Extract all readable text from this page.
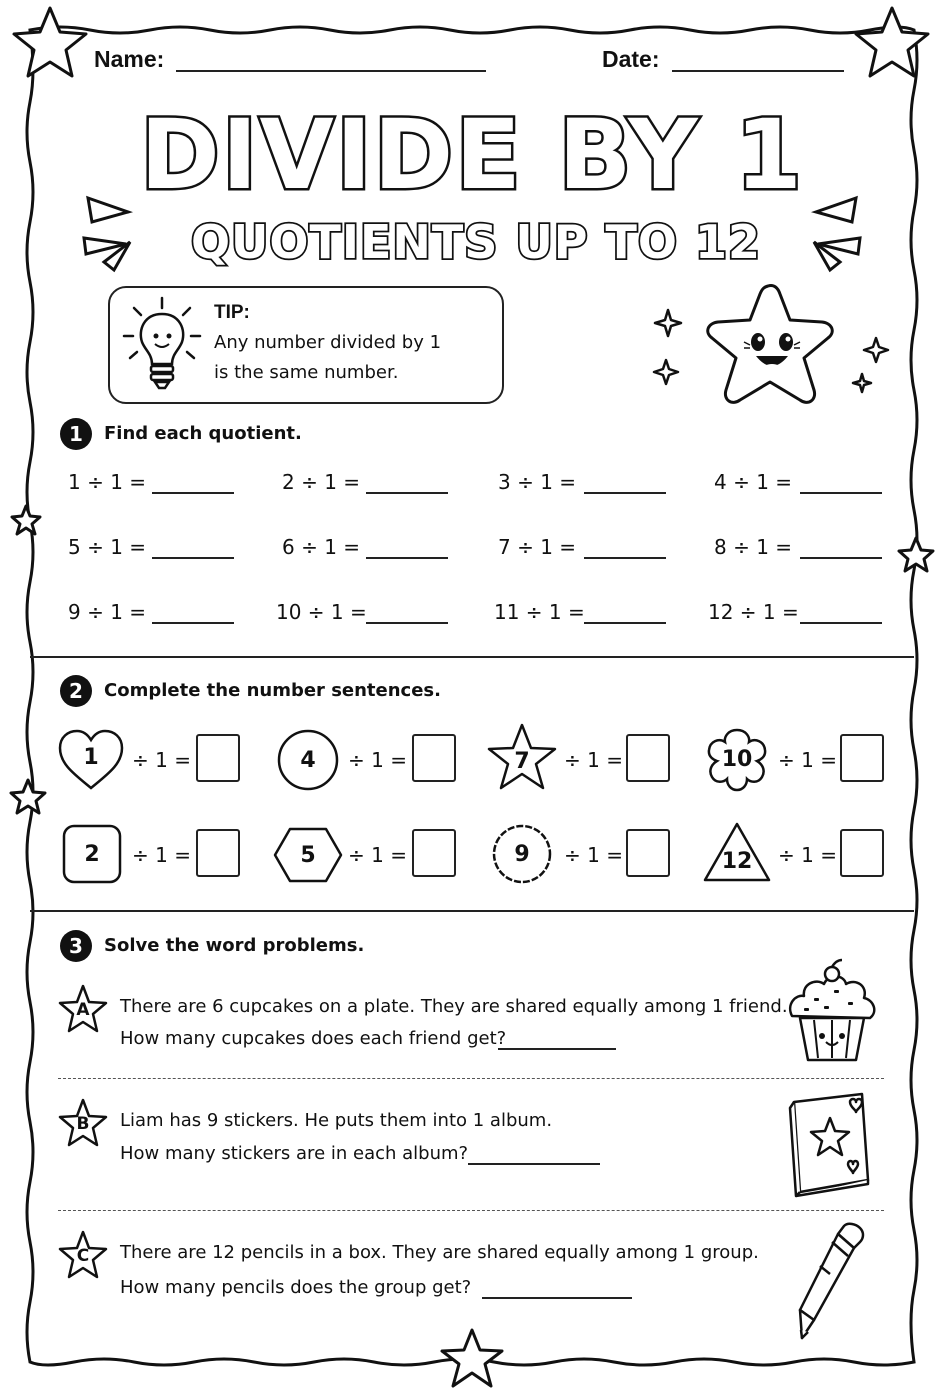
Name:	Date:
DIVIDE BY 1
QUOTIENTS UP TO 12
TIP:
Any number divided by 1
is the same number.
1	Find each quotient.
1 ÷ 1 =	2 ÷ 1 =	3 ÷ 1 =	4 ÷ 1 =
5 ÷ 1 =	6 ÷ 1 =	7 ÷ 1 =	8 ÷ 1 =
9 ÷ 1 =	10 ÷ 1 =	11 ÷ 1 =	12 ÷ 1 =
2	Complete the number sentences.
1	÷ 1 =	4	÷ 1 =	7	÷ 1 =	10	÷ 1 =
2	÷ 1 =	5	÷ 1 =	9	÷ 1 =	12	÷ 1 =
3	Solve the word problems.
A	There are 6 cupcakes on a plate. They are shared equally among 1 friend.
How many cupcakes does each friend get?
B	Liam has 9 stickers. He puts them into 1 album.
How many stickers are in each album?
C	There are 12 pencils in a box. They are shared equally among 1 group.
How many pencils does the group get?
